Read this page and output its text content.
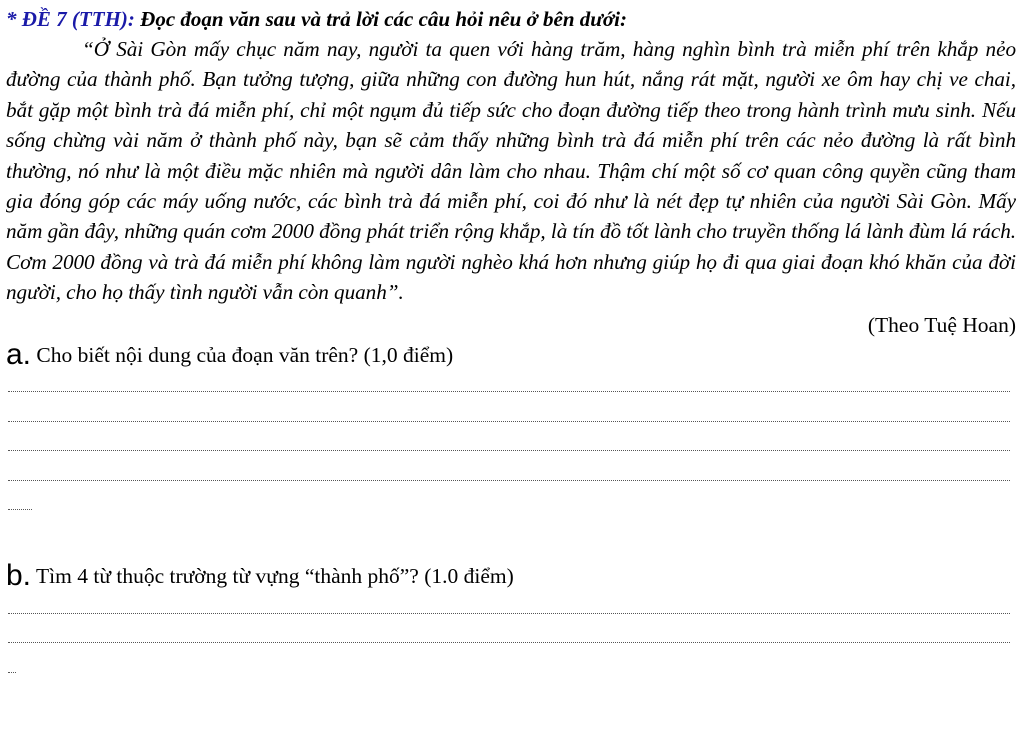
* ĐỀ 7 (TTH): Đọc đoạn văn sau và trả lời các câu hỏi nêu ở bên dưới:

“Ở Sài Gòn mấy chục năm nay, người ta quen với hàng trăm, hàng nghìn bình trà miễn phí trên khắp nẻo đường của thành phố. Bạn tưởng tượng, giữa những con đường hun hút, nắng rát mặt, người xe ôm hay chị ve chai, bắt gặp một bình trà đá miễn phí, chỉ một ngụm đủ tiếp sức cho đoạn đường tiếp theo trong hành trình mưu sinh. Nếu sống chừng vài năm ở thành phố này, bạn sẽ cảm thấy những bình trà đá miễn phí trên các nẻo đường là rất bình thường, nó như là một điều mặc nhiên mà người dân làm cho nhau. Thậm chí một số cơ quan công quyền cũng tham gia đóng góp các máy uống nước, các bình trà đá miễn phí, coi đó như là nét đẹp tự nhiên của người Sài Gòn. Mấy năm gần đây, những quán cơm 2000 đồng phát triển rộng khắp, là tín đồ tốt lành cho truyền thống lá lành đùm lá rách. Cơm 2000 đồng và trà đá miễn phí không làm người nghèo khá hơn nhưng giúp họ đi qua giai đoạn khó khăn của đời người, cho họ thấy tình người vẫn còn quanh”.

(Theo Tuệ Hoan)
a. Cho biết nội dung của đoạn văn trên? (1,0 điểm)
b. Tìm 4 từ thuộc trường từ vựng “thành phố”? (1.0 điểm)
